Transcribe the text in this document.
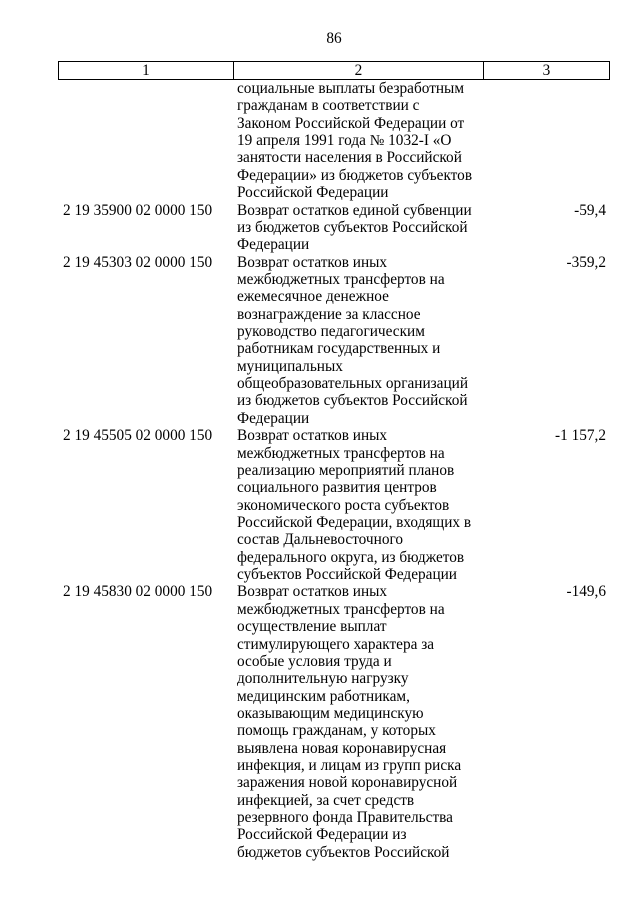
86
1	2	3
социальные выплаты безработным
гражданам в соответствии с
Законом Российской Федерации от
19 апреля 1991 года № 1032-I «О
занятости населения в Российской
Федерации» из бюджетов субъектов
Российской Федерации
2 19 35900 02 0000 150	Возврат остатков единой субвенции
из бюджетов субъектов Российской
Федерации
-59,4
2 19 45303 02 0000 150	Возврат остатков иных
межбюджетных трансфертов на
ежемесячное денежное
вознаграждение за классное
руководство педагогическим
работникам государственных и
муниципальных
общеобразовательных организаций
из бюджетов субъектов Российской
Федерации
-359,2
2 19 45505 02 0000 150	Возврат остатков иных
межбюджетных трансфертов на
реализацию мероприятий планов
социального развития центров
экономического роста субъектов
Российской Федерации, входящих в
состав Дальневосточного
федерального округа, из бюджетов
субъектов Российской Федерации
-1 157,2
2 19 45830 02 0000 150	Возврат остатков иных
межбюджетных трансфертов на
осуществление выплат
стимулирующего характера за
особые условия труда и
дополнительную нагрузку
медицинским работникам,
оказывающим медицинскую
помощь гражданам, у которых
выявлена новая коронавирусная
инфекция, и лицам из групп риска
заражения новой коронавирусной
инфекцией, за счет средств
резервного фонда Правительства
Российской Федерации из
бюджетов субъектов Российской
-149,6
